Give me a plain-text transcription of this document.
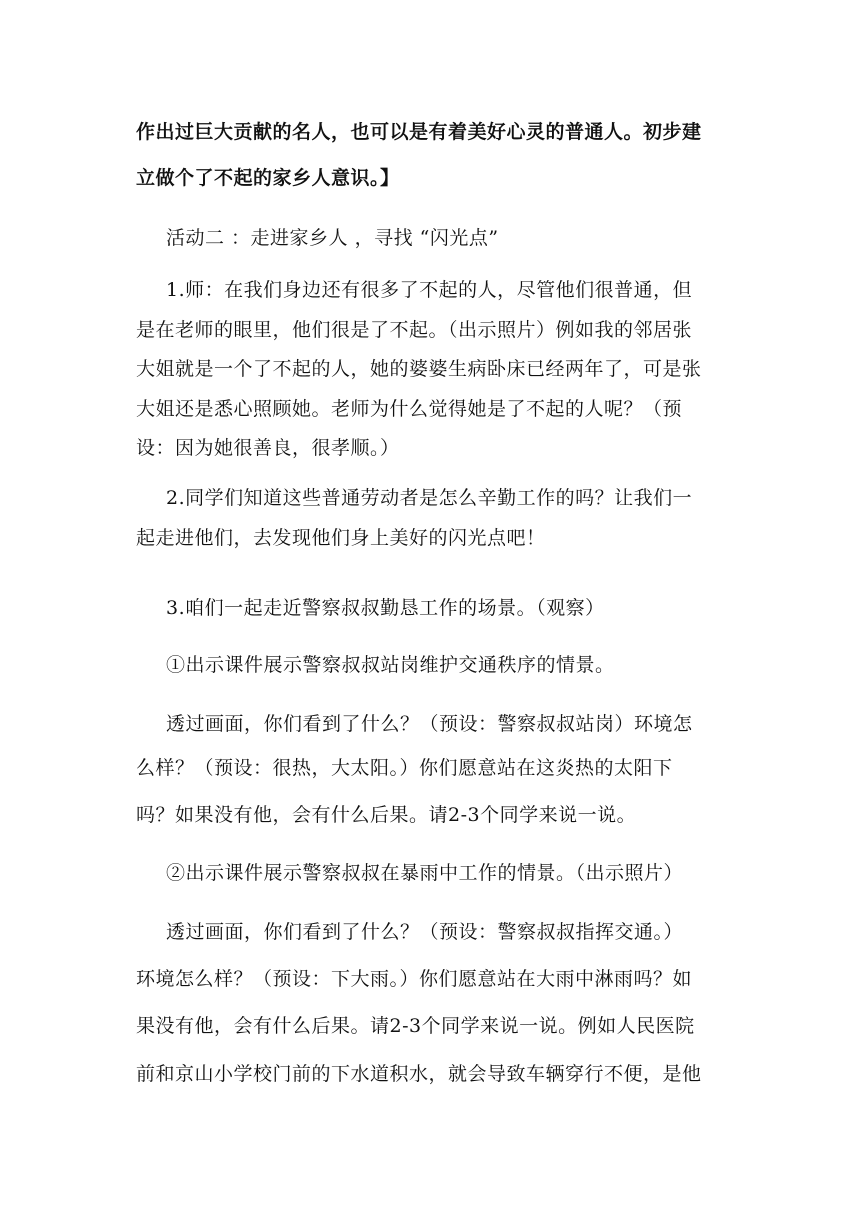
作出过巨大贡献的名人，也可以是有着美好心灵的普通人。初步建
立做个了不起的家乡人意识。】
活动二 ：走进家乡人 ，寻找 “闪光点”
1.师：在我们身边还有很多了不起的人，尽管他们很普通，但
是在老师的眼里，他们很是了不起。（出示照片）例如我的邻居张
大姐就是一个了不起的人，她的婆婆生病卧床已经两年了，可是张
大姐还是悉心照顾她。老师为什么觉得她是了不起的人呢？（预
设：因为她很善良，很孝顺。）
2.同学们知道这些普通劳动者是怎么辛勤工作的吗？让我们一
起走进他们，去发现他们身上美好的闪光点吧！
3.咱们一起走近警察叔叔勤恳工作的场景。（观察）
①出示课件展示警察叔叔站岗维护交通秩序的情景。
透过画面，你们看到了什么？（预设：警察叔叔站岗）环境怎
么样？（预设：很热，大太阳。）你们愿意站在这炎热的太阳下
吗？如果没有他，会有什么后果。请2-3个同学来说一说。
②出示课件展示警察叔叔在暴雨中工作的情景。（出示照片）
透过画面，你们看到了什么？（预设：警察叔叔指挥交通。）
环境怎么样？（预设：下大雨。）你们愿意站在大雨中淋雨吗？如
果没有他，会有什么后果。请2-3个同学来说一说。例如人民医院
前和京山小学校门前的下水道积水，就会导致车辆穿行不便，是他
